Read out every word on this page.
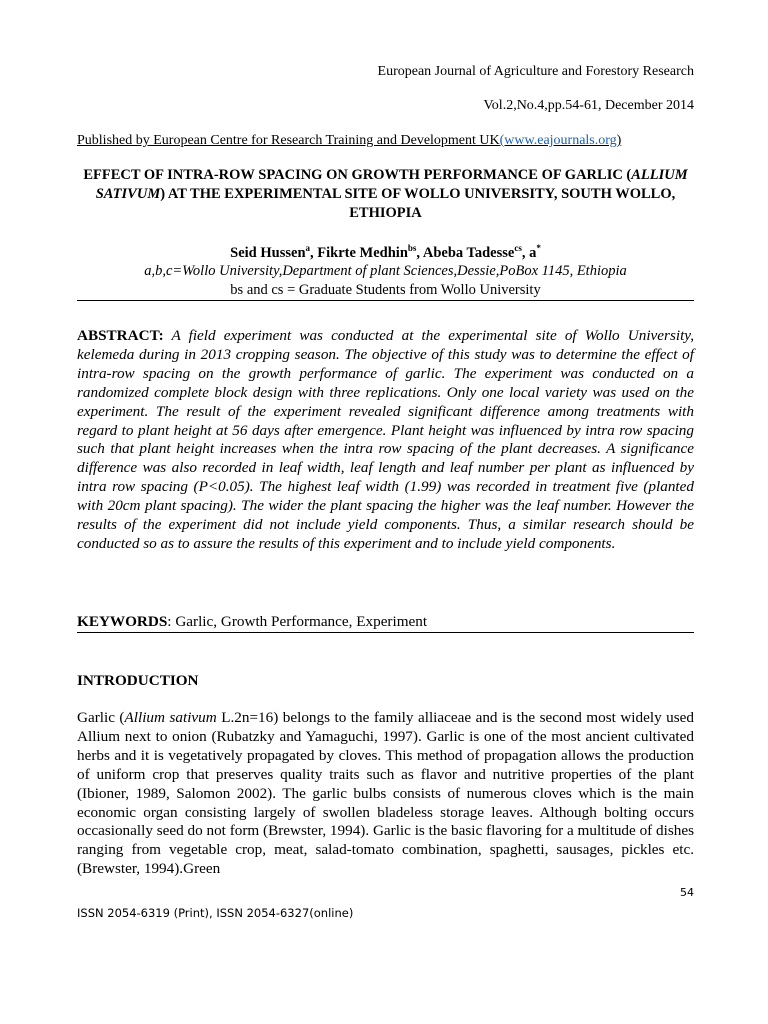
European Journal of Agriculture and Forestory Research
Vol.2,No.4,pp.54-61, December 2014
Published by European Centre for Research Training and Development UK(www.eajournals.org)
EFFECT OF INTRA-ROW SPACING ON GROWTH PERFORMANCE OF GARLIC (ALLIUM SATIVUM) AT THE EXPERIMENTAL SITE OF WOLLO UNIVERSITY, SOUTH WOLLO, ETHIOPIA
Seid Hussen$^a$, Fikrte Medhin$^{bs}$, Abeba Tadesse$^{cs}$, a*
a,b,c=Wollo University,Department of plant Sciences,Dessie,PoBox 1145, Ethiopia
bs and cs = Graduate Students from Wollo University
ABSTRACT: A field experiment was conducted at the experimental site of Wollo University, kelemeda during in 2013 cropping season. The objective of this study was to determine the effect of intra-row spacing on the growth performance of garlic. The experiment was conducted on a randomized complete block design with three replications. Only one local variety was used on the experiment. The result of the experiment revealed significant difference among treatments with regard to plant height at 56 days after emergence. Plant height was influenced by intra row spacing such that plant height increases when the intra row spacing of the plant decreases. A significance difference was also recorded in leaf width, leaf length and leaf number per plant as influenced by intra row spacing (P<0.05). The highest leaf width (1.99) was recorded in treatment five (planted with 20cm plant spacing). The wider the plant spacing the higher was the leaf number. However the results of the experiment did not include yield components. Thus, a similar research should be conducted so as to assure the results of this experiment and to include yield components.
KEYWORDS: Garlic, Growth Performance, Experiment
INTRODUCTION
Garlic (Allium sativum L.2n=16) belongs to the family alliaceae and is the second most widely used Allium next to onion (Rubatzky and Yamaguchi, 1997). Garlic is one of the most ancient cultivated herbs and it is vegetatively propagated by cloves. This method of propagation allows the production of uniform crop that preserves quality traits such as flavor and nutritive properties of the plant (Ibioner, 1989, Salomon 2002). The garlic bulbs consists of numerous cloves which is the main economic organ consisting largely of swollen bladeless storage leaves. Although bolting occurs occasionally seed do not form (Brewster, 1994). Garlic is the basic flavoring for a multitude of dishes ranging from vegetable crop, meat, salad-tomato combination, spaghetti, sausages, pickles etc. (Brewster, 1994).Green
54
ISSN 2054-6319 (Print), ISSN 2054-6327(online)
